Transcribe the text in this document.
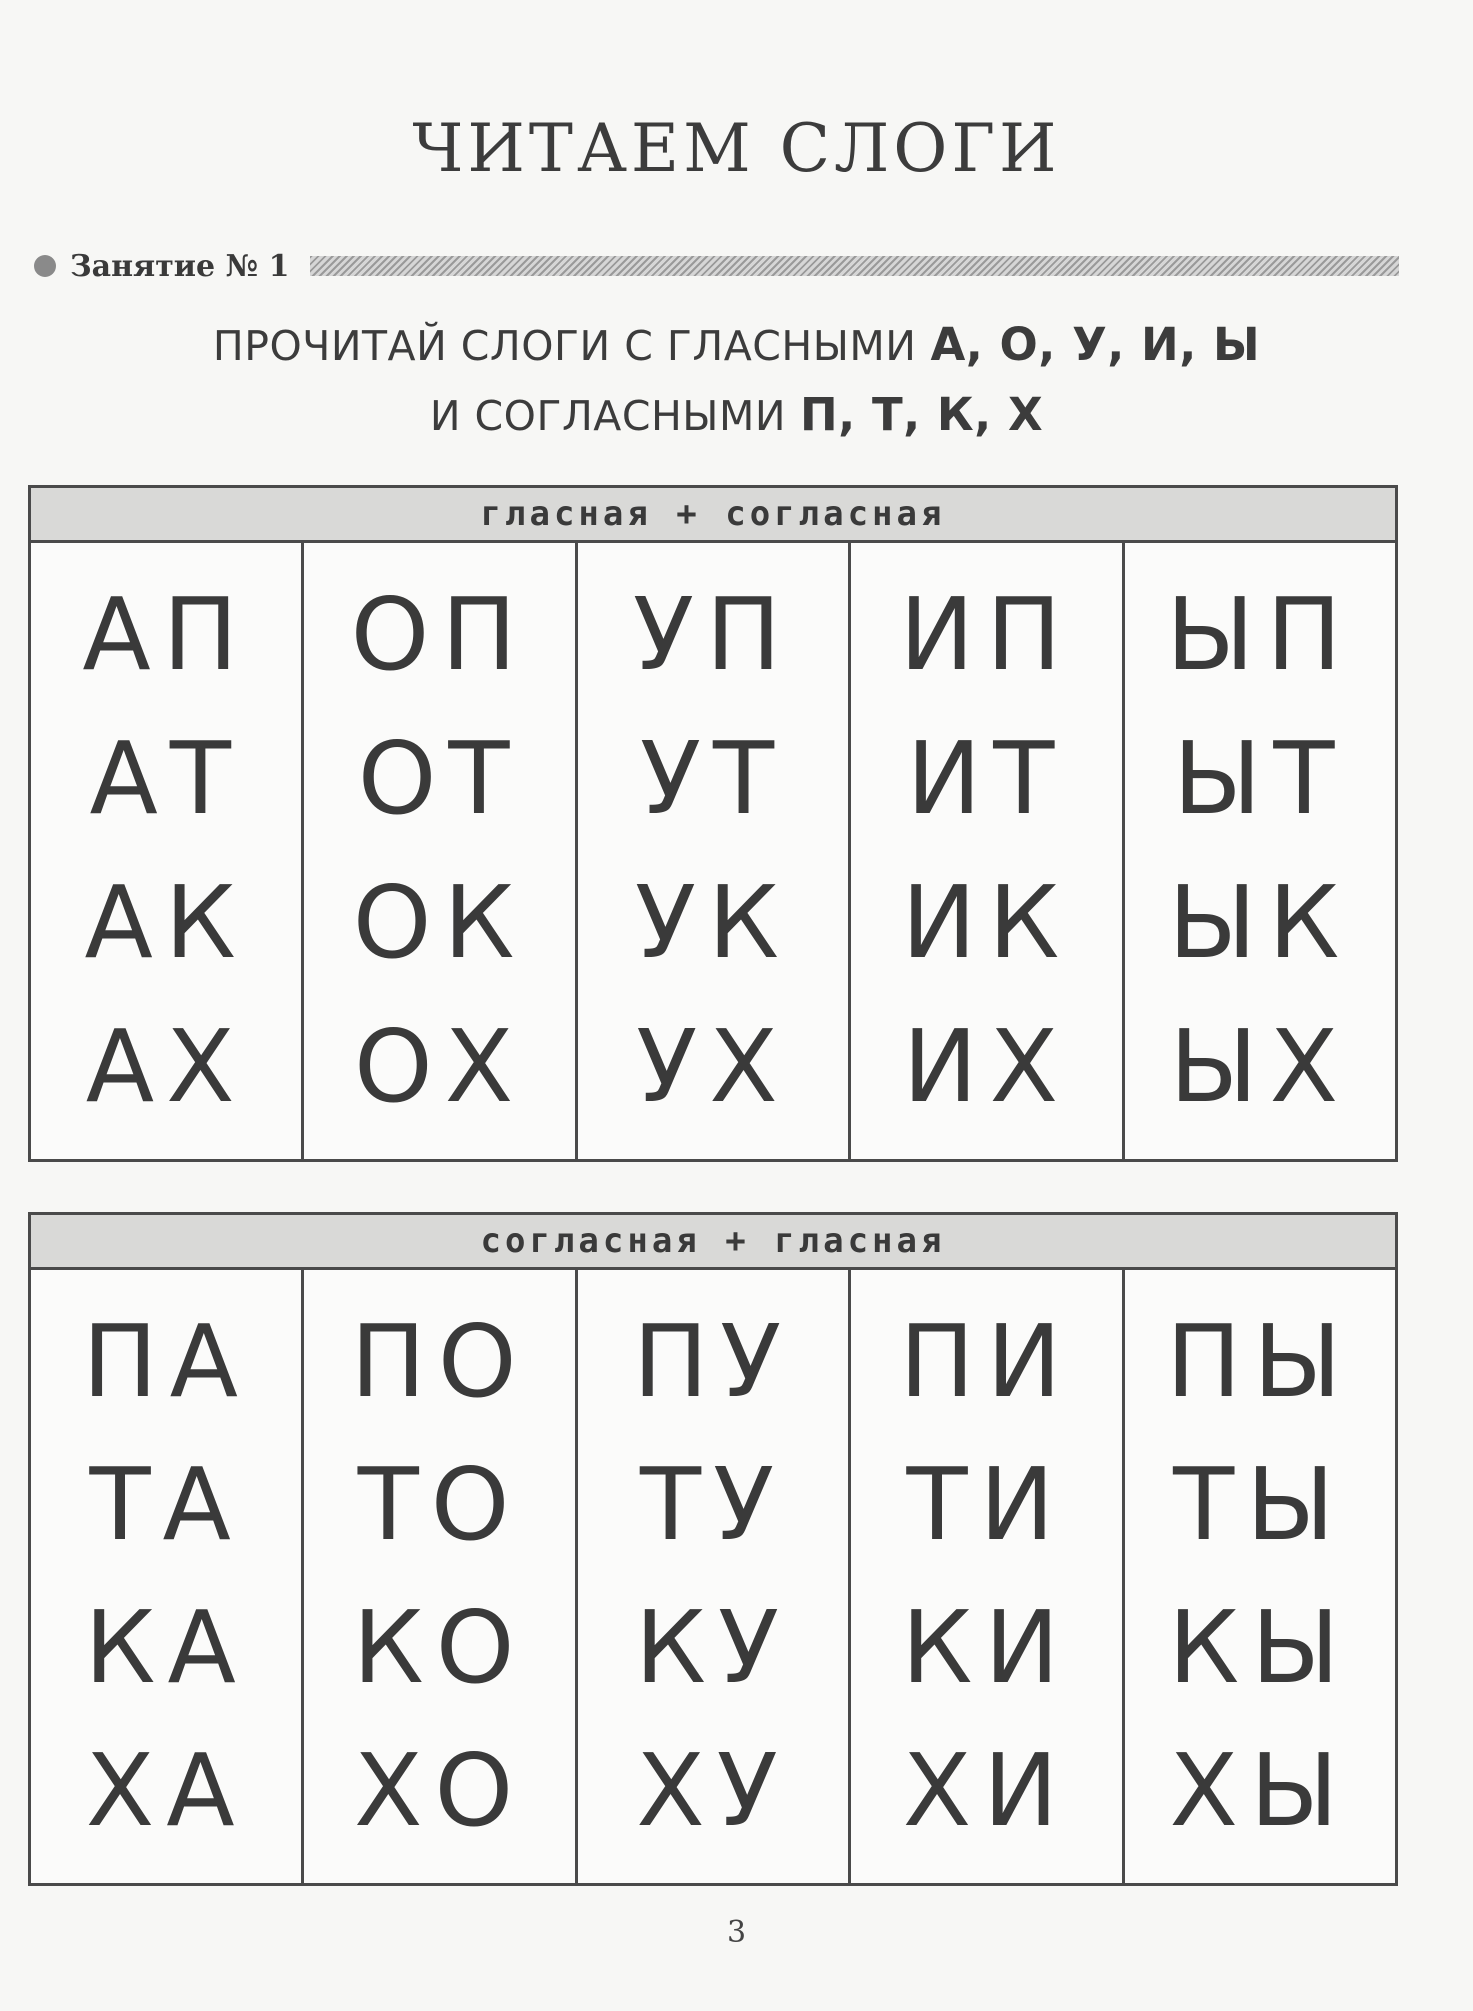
ЧИТАЕМ СЛОГИ
Занятие № 1
ПРОЧИТАЙ СЛОГИ С ГЛАСНЫМИ А, О, У, И, Ы
И СОГЛАСНЫМИ П, Т, К, Х
гласная + согласная
АП
АТ
АК
АХ
ОП
ОТ
ОК
ОХ
УП
УТ
УК
УХ
ИП
ИТ
ИК
ИХ
ЫП
ЫТ
ЫК
ЫХ
согласная + гласная
ПА
ТА
КА
ХА
ПО
ТО
КО
ХО
ПУ
ТУ
КУ
ХУ
ПИ
ТИ
КИ
ХИ
ПЫ
ТЫ
КЫ
ХЫ
3
